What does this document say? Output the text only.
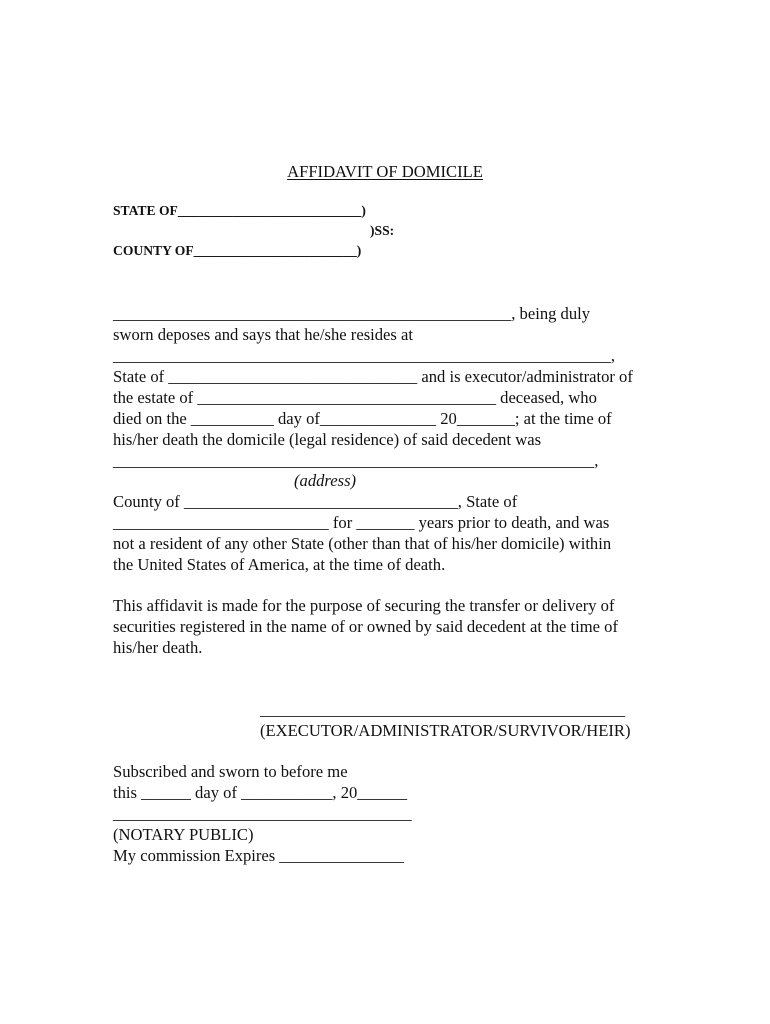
AFFIDAVIT OF DOMICILE
STATE OF___________________________)
)SS:
COUNTY OF________________________)
________________________________________________, being duly
sworn deposes and says that he/she resides at
____________________________________________________________,
State of ______________________________ and is executor/administrator of
the estate of ____________________________________ deceased, who
died on the __________ day of______________ 20_______; at the time of
his/her death the domicile (legal residence) of said decedent was
__________________________________________________________,
(address)
County of _________________________________, State of
__________________________ for _______ years prior to death, and was
not a resident of any other State (other than that of his/her domicile) within
the United States of America, at the time of death.
This affidavit is made for the purpose of securing the transfer or delivery of
securities registered in the name of or owned by said decedent at the time of
his/her death.
____________________________________________
(EXECUTOR/ADMINISTRATOR/SURVIVOR/HEIR)
Subscribed and sworn to before me
this ______ day of ___________, 20______
____________________________________
(NOTARY PUBLIC)
My commission Expires _______________
